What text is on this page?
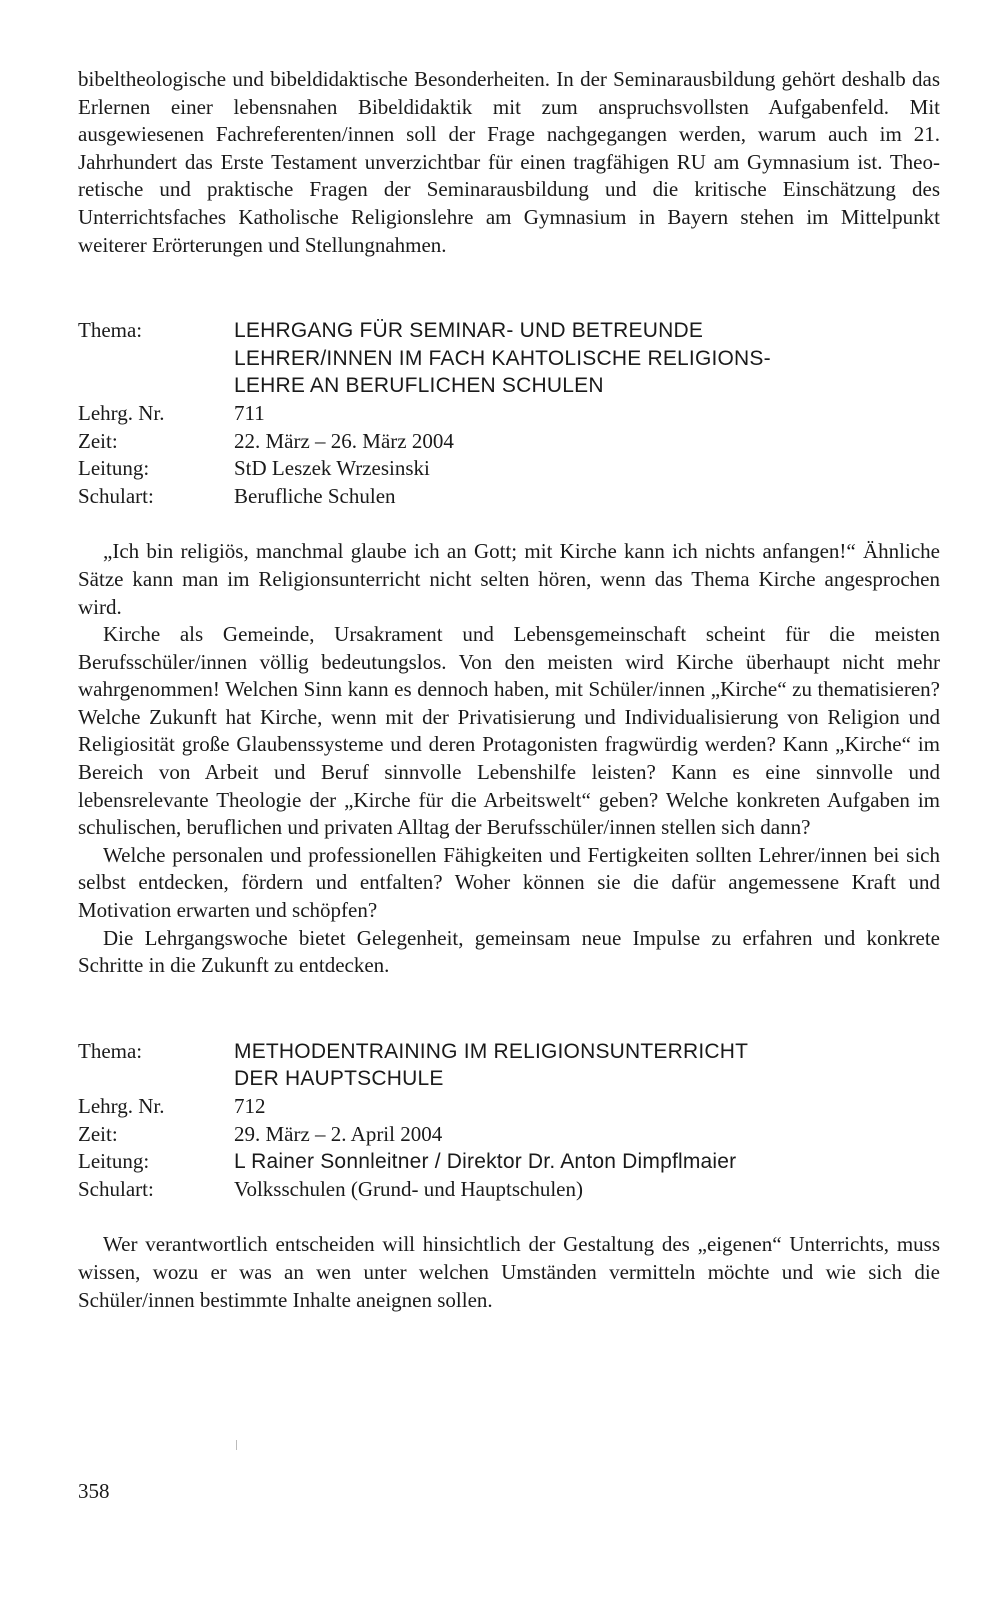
bibeltheologische und bibeldidaktische Besonderheiten. In der Seminarausbildung gehört deshalb das Erlernen einer lebensnahen Bibeldidaktik mit zum anspruchsvollsten Aufgabenfeld. Mit ausgewiesenen Fachreferenten/innen soll der Frage nachgegangen werden, warum auch im 21. Jahrhundert das Erste Testament unverzichtbar für einen tragfähigen RU am Gymnasium ist. Theoretische und praktische Fragen der Seminarausbildung und die kritische Einschätzung des Unterrichtsfaches Katholische Religionslehre am Gymnasium in Bayern stehen im Mittelpunkt weiterer Erörterungen und Stellungnahmen.

Thema:	LEHRGANG FÜR SEMINAR- UND BETREUNDE
LEHRER/INNEN IM FACH KAHTOLISCHE RELIGIONS-
LEHRE AN BERUFLICHEN SCHULEN
Lehrg. Nr.	711
Zeit:	22. März – 26. März 2004
Leitung:	StD Leszek Wrzesinski
Schulart:	Berufliche Schulen

„Ich bin religiös, manchmal glaube ich an Gott; mit Kirche kann ich nichts anfangen!“ Ähnliche Sätze kann man im Religionsunterricht nicht selten hören, wenn das Thema Kirche angesprochen wird.

Kirche als Gemeinde, Ursakrament und Lebensgemeinschaft scheint für die meisten Berufsschüler/innen völlig bedeutungslos. Von den meisten wird Kirche überhaupt nicht mehr wahrgenommen! Welchen Sinn kann es dennoch haben, mit Schüler/innen „Kirche“ zu thematisieren? Welche Zukunft hat Kirche, wenn mit der Privatisierung und Individualisierung von Religion und Religiosität große Glaubenssysteme und deren Protagonisten fragwürdig werden? Kann „Kirche“ im Bereich von Arbeit und Beruf sinnvolle Lebenshilfe leisten? Kann es eine sinnvolle und lebensrelevante Theologie der „Kirche für die Arbeitswelt“ geben? Welche konkreten Aufgaben im schulischen, beruflichen und privaten Alltag der Berufsschüler/innen stellen sich dann?

Welche personalen und professionellen Fähigkeiten und Fertigkeiten sollten Lehrer/innen bei sich selbst entdecken, fördern und entfalten? Woher können sie die dafür angemessene Kraft und Motivation erwarten und schöpfen?

Die Lehrgangswoche bietet Gelegenheit, gemeinsam neue Impulse zu erfahren und konkrete Schritte in die Zukunft zu entdecken.

Thema:	METHODENTRAINING IM RELIGIONSUNTERRICHT
DER HAUPTSCHULE
Lehrg. Nr.	712
Zeit:	29. März – 2. April 2004
Leitung:	L Rainer Sonnleitner / Direktor Dr. Anton Dimpflmaier
Schulart:	Volksschulen (Grund- und Hauptschulen)

Wer verantwortlich entscheiden will hinsichtlich der Gestaltung des „eigenen“ Unterrichts, muss wissen, wozu er was an wen unter welchen Umständen vermitteln möchte und wie sich die Schüler/innen bestimmte Inhalte aneignen sollen.

358
